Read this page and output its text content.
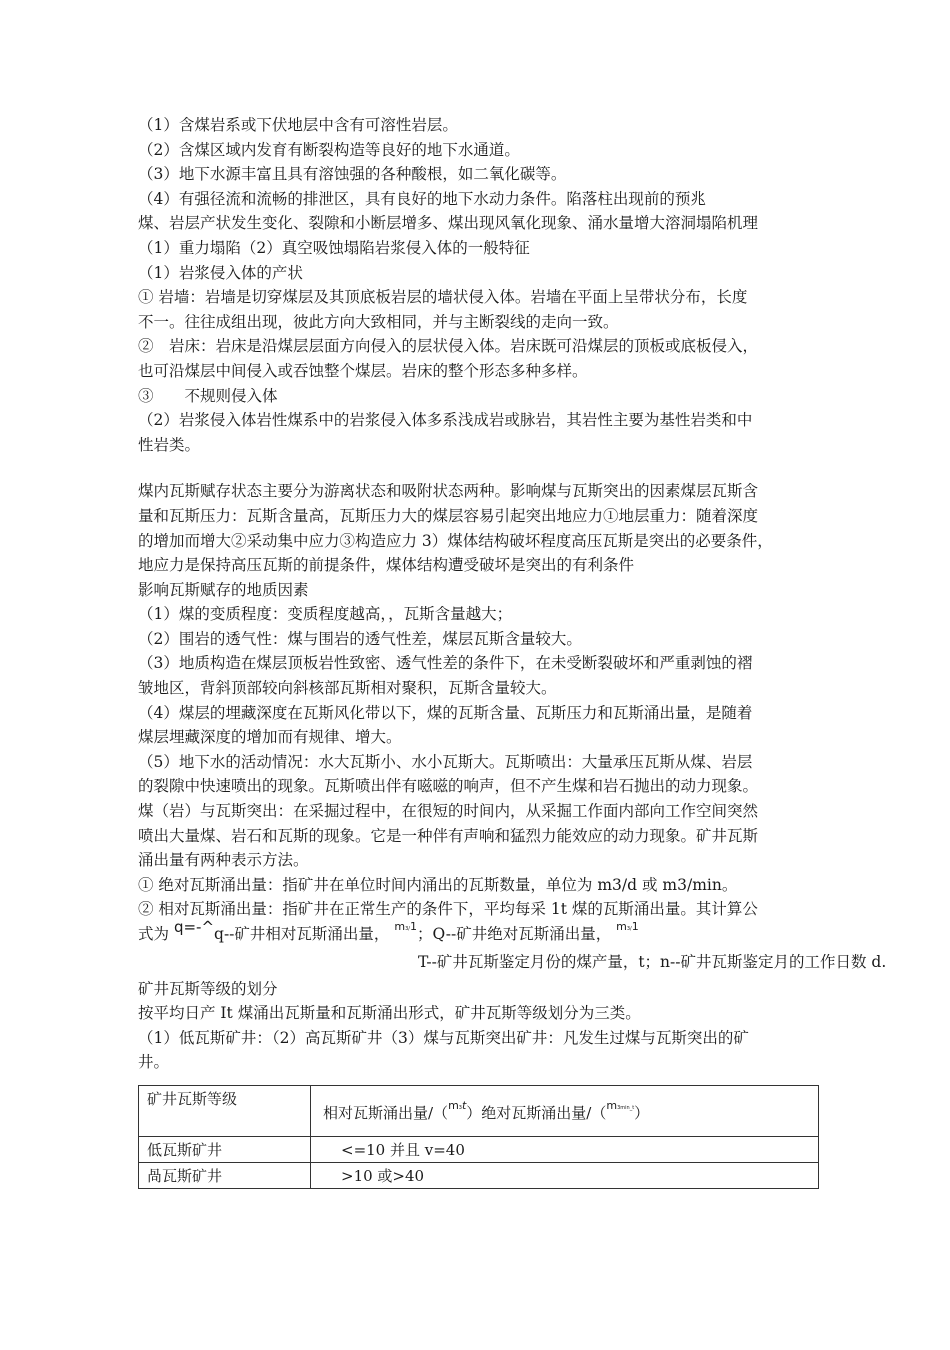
（1）含煤岩系或下伏地层中含有可溶性岩层。
（2）含煤区域内发育有断裂构造等良好的地下水通道。
（3）地下水源丰富且具有溶蚀强的各种酸根，如二氧化碳等。
（4）有强径流和流畅的排泄区，具有良好的地下水动力条件。陷落柱出现前的预兆
煤、岩层产状发生变化、裂隙和小断层增多、煤出现风氧化现象、涌水量增大溶洞塌陷机理
（1）重力塌陷（2）真空吸蚀塌陷岩浆侵入体的一般特征
（1）岩浆侵入体的产状
① 岩墙：岩墙是切穿煤层及其顶底板岩层的墙状侵入体。岩墙在平面上呈带状分布，长度
不一。往往成组出现，彼此方向大致相同，并与主断裂线的走向一致。
②　岩床：岩床是沿煤层层面方向侵入的层状侵入体。岩床既可沿煤层的顶板或底板侵入，
也可沿煤层中间侵入或吞蚀整个煤层。岩床的整个形态多种多样。
③　　不规则侵入体
（2）岩浆侵入体岩性煤系中的岩浆侵入体多系浅成岩或脉岩，其岩性主要为基性岩类和中
性岩类。
煤内瓦斯赋存状态主要分为游离状态和吸附状态两种。影响煤与瓦斯突出的因素煤层瓦斯含
量和瓦斯压力：瓦斯含量高，瓦斯压力大的煤层容易引起突出地应力①地层重力：随着深度
的增加而增大②采动集中应力③构造应力 3）煤体结构破坏程度高压瓦斯是突出的必要条件，
地应力是保持高压瓦斯的前提条件，煤体结构遭受破坏是突出的有利条件
影响瓦斯赋存的地质因素
（1）煤的变质程度：变质程度越高，，瓦斯含量越大；
（2）围岩的透气性：煤与围岩的透气性差，煤层瓦斯含量较大。
（3）地质构造在煤层顶板岩性致密、透气性差的条件下，在未受断裂破坏和严重剥蚀的褶
皱地区，背斜顶部较向斜核部瓦斯相对聚积，瓦斯含量较大。
（4）煤层的埋藏深度在瓦斯风化带以下，煤的瓦斯含量、瓦斯压力和瓦斯涌出量，是随着
煤层埋藏深度的增加而有规律、增大。
（5）地下水的活动情况：水大瓦斯小、水小瓦斯大。瓦斯喷出：大量承压瓦斯从煤、岩层
的裂隙中快速喷出的现象。瓦斯喷出伴有嗞嗞的响声，但不产生煤和岩石抛出的动力现象。
煤（岩）与瓦斯突出：在采掘过程中，在很短的时间内，从采掘工作面内部向工作空间突然
喷出大量煤、岩石和瓦斯的现象。它是一种伴有声响和猛烈力能效应的动力现象。矿井瓦斯
涌出量有两种表示方法。
① 绝对瓦斯涌出量：指矿井在单位时间内涌出的瓦斯数量，单位为 m3/d 或 m3/min。
② 相对瓦斯涌出量：指矿井在正常生产的条件下，平均每采 1t 煤的瓦斯涌出量。其计算公
式为 q=-^q--矿井相对瓦斯涌出量， $^{m3/1}$；Q--矿井绝对瓦斯涌出量， $^{m3/1}$
T--矿井瓦斯鉴定月份的煤产量，t；n--矿井瓦斯鉴定月的工作日数 d.
矿井瓦斯等级的划分
按平均日产 It 煤涌出瓦斯量和瓦斯涌出形式，矿井瓦斯等级划分为三类。
（1）低瓦斯矿井：（2）高瓦斯矿井（3）煤与瓦斯突出矿井：凡发生过煤与瓦斯突出的矿
井。
矿井瓦斯等级	相对瓦斯涌出量/（$^{m3t}$）绝对瓦斯涌出量/（$^{m3min\_t}$）

低瓦斯矿井	<=10 并且 v=40
咼瓦斯矿井	>10 或>40
